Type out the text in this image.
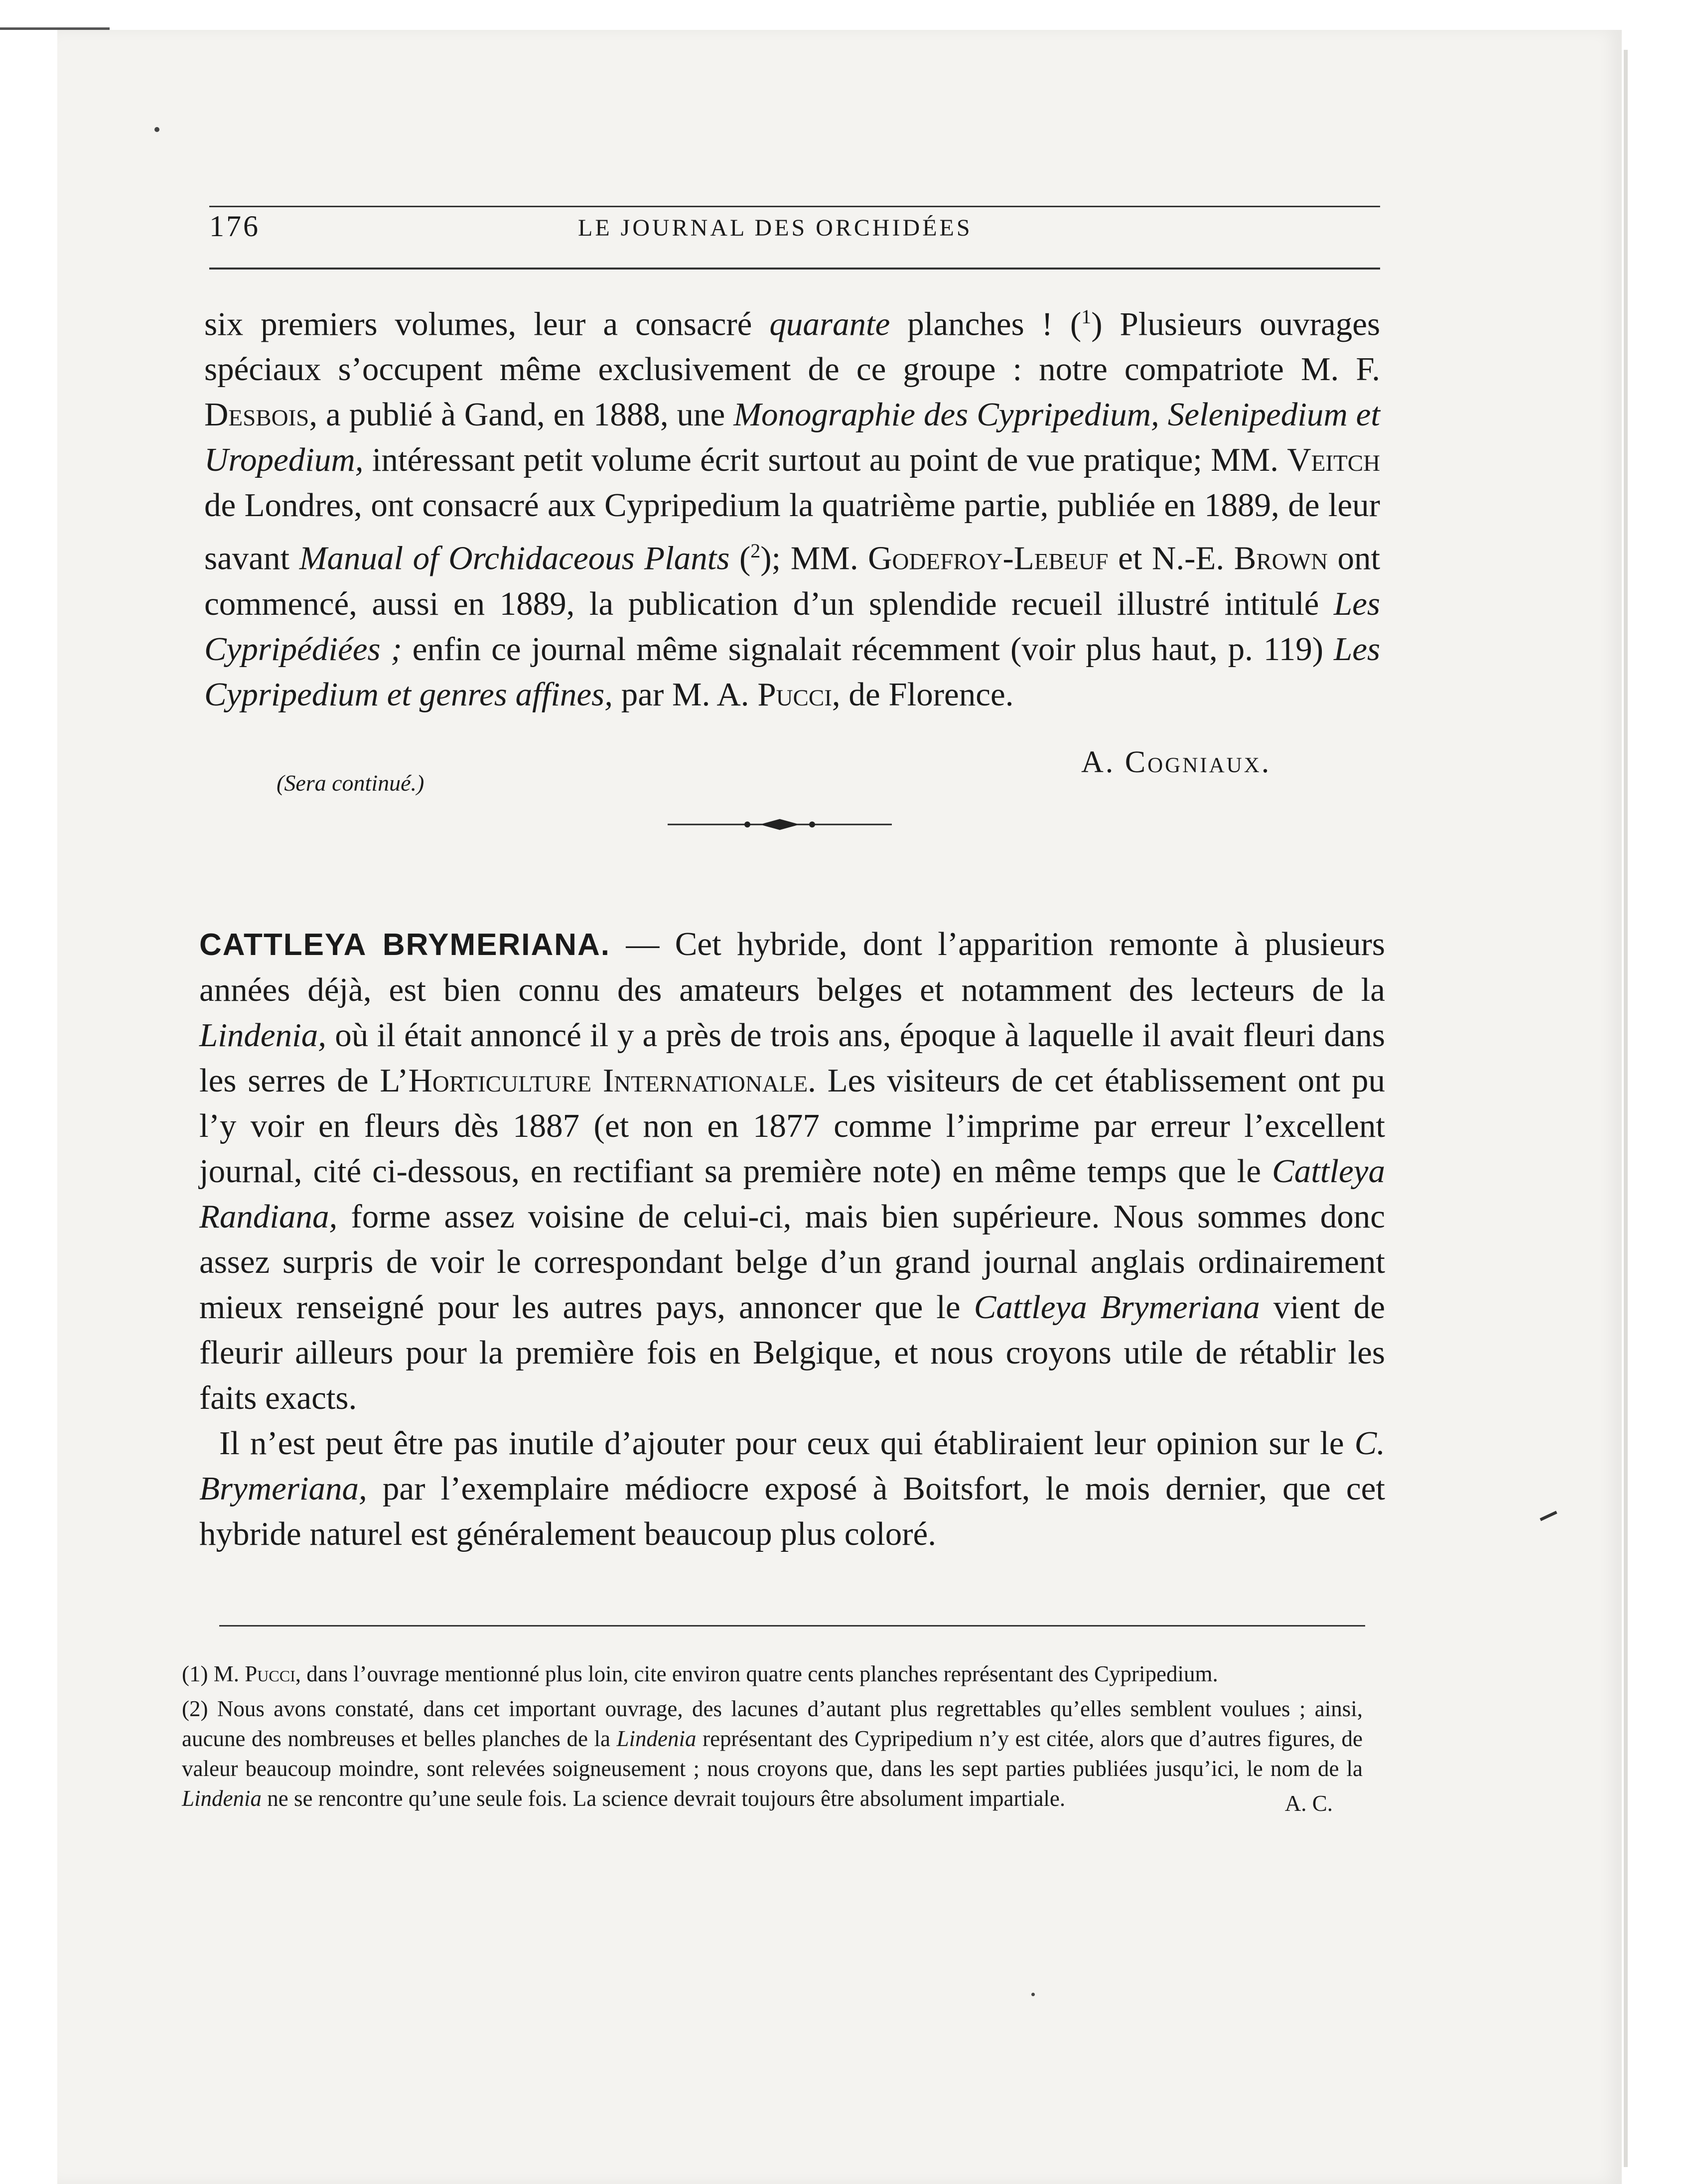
176	LE JOURNAL DES ORCHIDÉES

six premiers volumes, leur a consacré quarante planches ! ($^1$) Plusieurs ouvrages spéciaux s’occupent même exclusivement de ce groupe : notre compatriote M. F. Desbois, a publié à Gand, en 1888, une Monographie des Cypripedium, Selenipedium et Uropedium, intéressant petit volume écrit surtout au point de vue pratique; MM. Veitch de Londres, ont consacré aux Cypripedium la quatrième partie, publiée en 1889, de leur savant Manual of Orchidaceous Plants ($^2$); MM. Godefroy-Lebeuf et N.-E. Brown ont commencé, aussi en 1889, la publication d’un splendide recueil illustré intitulé Les Cypripédiées ; enfin ce journal même signalait récemment (voir plus haut, p. 119) Les Cypripedium et genres affines, par M. A. Pucci, de Florence.

A. Cogniaux.
(Sera continué.)

CATTLEYA BRYMERIANA. — Cet hybride, dont l’apparition remonte à plusieurs années déjà, est bien connu des amateurs belges et notamment des lecteurs de la Lindenia, où il était annoncé il y a près de trois ans, époque à laquelle il avait fleuri dans les serres de L’Horticulture Internationale. Les visiteurs de cet établissement ont pu l’y voir en fleurs dès 1887 (et non en 1877 comme l’imprime par erreur l’excellent journal, cité ci-dessous, en rectifiant sa première note) en même temps que le Cattleya Randiana, forme assez voisine de celui-ci, mais bien supérieure. Nous sommes donc assez surpris de voir le correspondant belge d’un grand journal anglais ordinairement mieux renseigné pour les autres pays, annoncer que le Cattleya Brymeriana vient de fleurir ailleurs pour la première fois en Belgique, et nous croyons utile de rétablir les faits exacts.

Il n’est peut être pas inutile d’ajouter pour ceux qui établiraient leur opinion sur le C. Brymeriana, par l’exemplaire médiocre exposé à Boitsfort, le mois dernier, que cet hybride naturel est généralement beaucoup plus coloré.

(1) M. Pucci, dans l’ouvrage mentionné plus loin, cite environ quatre cents planches représentant des Cypripedium.

(2) Nous avons constaté, dans cet important ouvrage, des lacunes d’autant plus regrettables qu’elles semblent voulues ; ainsi, aucune des nombreuses et belles planches de la Lindenia représentant des Cypripedium n’y est citée, alors que d’autres figures, de valeur beaucoup moindre, sont relevées soigneusement ; nous croyons que, dans les sept parties publiées jusqu’ici, le nom de la Lindenia ne se rencontre qu’une seule fois. La science devrait toujours être absolument impartiale.	A. C.
